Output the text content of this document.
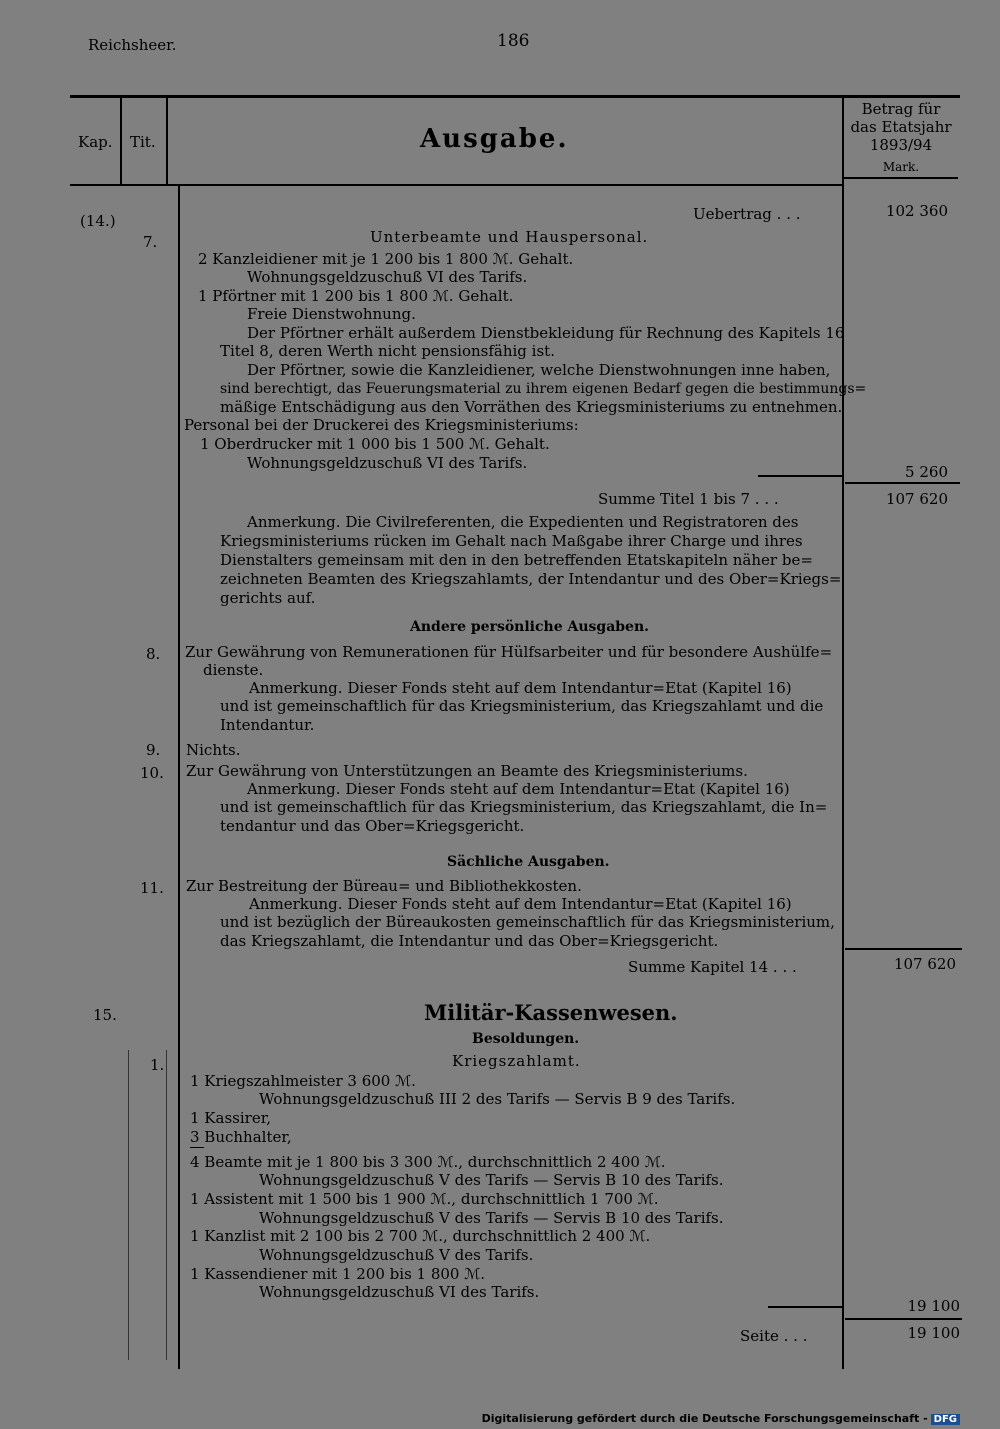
Reichsheer.	186
Kap. Tit.	Ausgabe.
Betrag für
das Etatsjahr
1893/94
Mark.
(14.)
15.
7.
8.
9.
10.
11.
1.
102 360
5 260
107 620
107 620
19 100
19 100
Uebertrag . . .
Unterbeamte und Hauspersonal.
2 Kanzleidiener mit je 1 200 bis 1 800 ℳ. Gehalt.
Wohnungsgeldzuschuß VI des Tarifs.
1 Pförtner mit 1 200 bis 1 800 ℳ. Gehalt.
Freie Dienstwohnung.
Der Pförtner erhält außerdem Dienstbekleidung für Rechnung des Kapitels 16
Titel 8, deren Werth nicht pensionsfähig ist.
Der Pförtner, sowie die Kanzleidiener, welche Dienstwohnungen inne haben,
sind berechtigt, das Feuerungsmaterial zu ihrem eigenen Bedarf gegen die bestimmungs=
mäßige Entschädigung aus den Vorräthen des Kriegsministeriums zu entnehmen.
Personal bei der Druckerei des Kriegsministeriums:
1 Oberdrucker mit 1 000 bis 1 500 ℳ. Gehalt.
Wohnungsgeldzuschuß VI des Tarifs.
Summe Titel 1 bis 7 . . .
Anmerkung. Die Civilreferenten, die Expedienten und Registratoren des
Kriegsministeriums rücken im Gehalt nach Maßgabe ihrer Charge und ihres
Dienstalters gemeinsam mit den in den betreffenden Etatskapiteln näher be=
zeichneten Beamten des Kriegszahlamts, der Intendantur und des Ober=Kriegs=
gerichts auf.
Andere persönliche Ausgaben.
Zur Gewährung von Remunerationen für Hülfsarbeiter und für besondere Aushülfe=
dienste.
Anmerkung. Dieser Fonds steht auf dem Intendantur=Etat (Kapitel 16)
und ist gemeinschaftlich für das Kriegsministerium, das Kriegszahlamt und die
Intendantur.
Nichts.
Zur Gewährung von Unterstützungen an Beamte des Kriegsministeriums.
Anmerkung. Dieser Fonds steht auf dem Intendantur=Etat (Kapitel 16)
und ist gemeinschaftlich für das Kriegsministerium, das Kriegszahlamt, die In=
tendantur und das Ober=Kriegsgericht.
Sächliche Ausgaben.
Zur Bestreitung der Büreau= und Bibliothekkosten.
Anmerkung. Dieser Fonds steht auf dem Intendantur=Etat (Kapitel 16)
und ist bezüglich der Büreaukosten gemeinschaftlich für das Kriegsministerium,
das Kriegszahlamt, die Intendantur und das Ober=Kriegsgericht.
Summe Kapitel 14 . . .
Militär-Kassenwesen.
Besoldungen.
Kriegszahlamt.
1 Kriegszahlmeister 3 600 ℳ.
Wohnungsgeldzuschuß III 2 des Tarifs — Servis B 9 des Tarifs.
1 Kassirer,
3 Buchhalter,
4 Beamte mit je 1 800 bis 3 300 ℳ., durchschnittlich 2 400 ℳ.
Wohnungsgeldzuschuß V des Tarifs — Servis B 10 des Tarifs.
1 Assistent mit 1 500 bis 1 900 ℳ., durchschnittlich 1 700 ℳ.
Wohnungsgeldzuschuß V des Tarifs — Servis B 10 des Tarifs.
1 Kanzlist mit 2 100 bis 2 700 ℳ., durchschnittlich 2 400 ℳ.
Wohnungsgeldzuschuß V des Tarifs.
1 Kassendiener mit 1 200 bis 1 800 ℳ.
Wohnungsgeldzuschuß VI des Tarifs.
Seite . . .
Digitalisierung gefördert durch die Deutsche Forschungsgemeinschaft - DFG
